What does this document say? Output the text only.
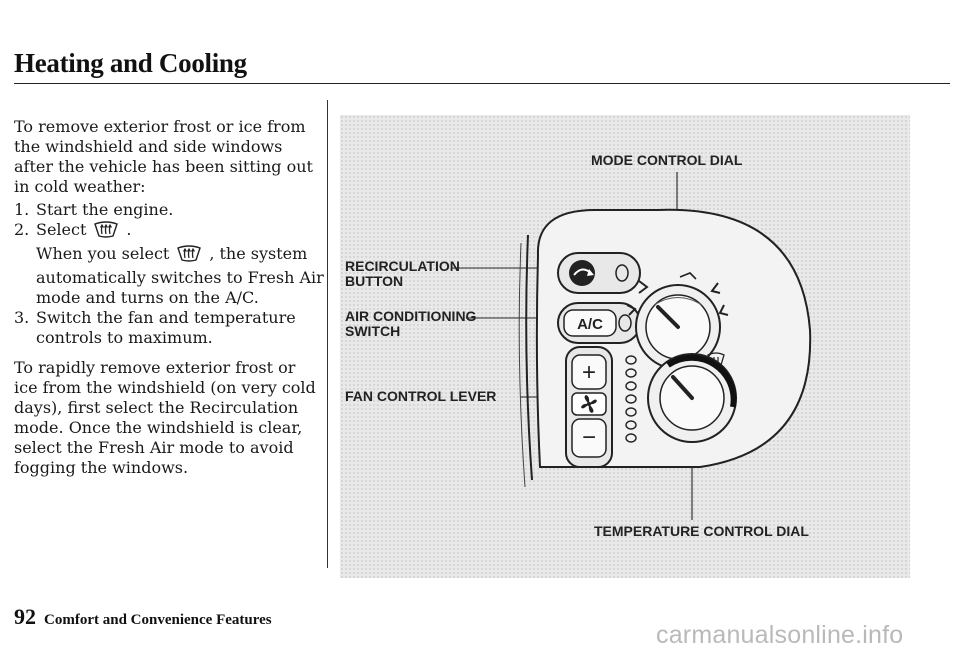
Heating and Cooling

To remove exterior frost or ice from the windshield and side windows after the vehicle has been sitting out in cold weather:

1. Start the engine.
2. Select	.
When you select	, the system automatically switches to Fresh Air mode and turns on the A/C.
3. Switch the fan and temperature controls to maximum.

To rapidly remove exterior frost or ice from the windshield (on very cold days), first select the Recirculation mode. Once the windshield is clear, select the Fresh Air mode to avoid fogging the windows.

MODE CONTROL DIAL
RECIRCULATION
BUTTON
AIR CONDITIONING
SWITCH
FAN CONTROL LEVER
TEMPERATURE CONTROL DIAL
A/C
+
−
92 Comfort and Convenience Features
carmanualsonline.info
